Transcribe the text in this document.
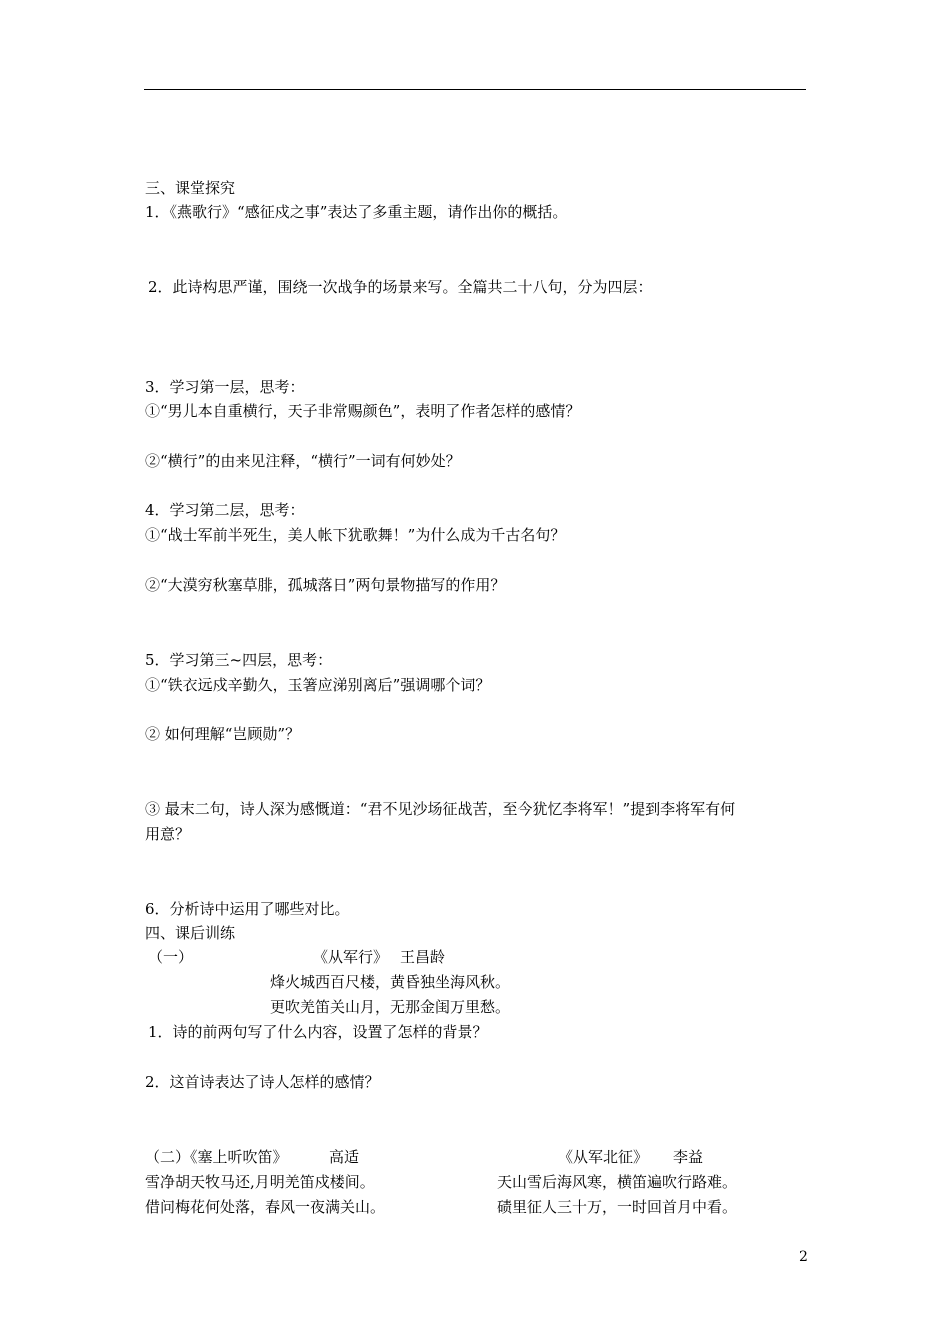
三、课堂探究
1．《燕歌行》“感征戍之事”表达了多重主题，请作出你的概括。
2．此诗构思严谨，围绕一次战争的场景来写。全篇共二十八句，分为四层：
3．学习第一层，思考：
①“男儿本自重横行，天子非常赐颜色”，表明了作者怎样的感情？
②“横行”的由来见注释，“横行”一词有何妙处？
4．学习第二层，思考：
①“战士军前半死生，美人帐下犹歌舞！”为什么成为千古名句？
②“大漠穷秋塞草腓，孤城落日”两句景物描写的作用？
5．学习第三~四层，思考：
①“铁衣远戍辛勤久，玉箸应涕别离后”强调哪个词？
② 如何理解“岂顾勋”？
③ 最末二句，诗人深为感慨道：“君不见沙场征战苦，至今犹忆李将军！”提到李将军有何
用意？
6．分析诗中运用了哪些对比。
四、课后训练
（一）	《从军行》 王昌龄
烽火城西百尺楼，黄昏独坐海风秋。
更吹羌笛关山月，无那金闺万里愁。
1．诗的前两句写了什么内容，设置了怎样的背景？
2．这首诗表达了诗人怎样的感情？
（二）《塞上听吹笛》	高适
雪净胡天牧马还,月明羌笛戍楼间。
借问梅花何处落，春风一夜满关山。
《从军北征》 李益
天山雪后海风寒，横笛遍吹行路难。
碛里征人三十万，一时回首月中看。
2
